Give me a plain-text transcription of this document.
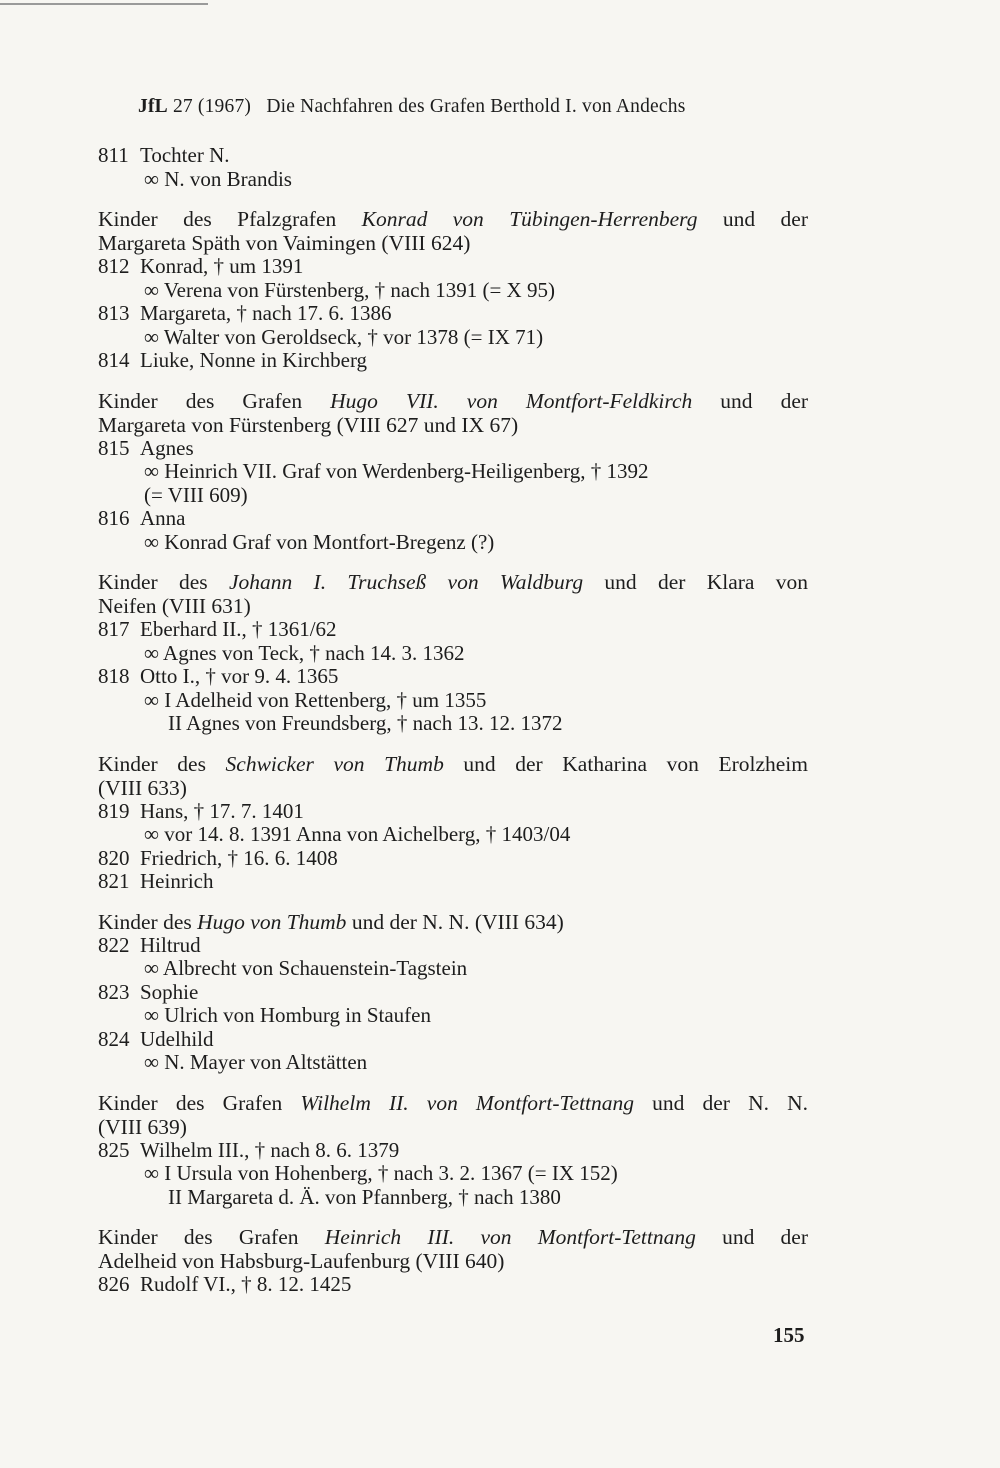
JfL 27 (1967) Die Nachfahren des Grafen Berthold I. von Andechs
811 Tochter N.
∞ N. von Brandis
Kinder des Pfalzgrafen Konrad von Tübingen-Herrenberg und der
Margareta Späth von Vaimingen (VIII 624)
812 Konrad, † um 1391
∞ Verena von Fürstenberg, † nach 1391 (= X 95)
813 Margareta, † nach 17. 6. 1386
∞ Walter von Geroldseck, † vor 1378 (= IX 71)
814 Liuke, Nonne in Kirchberg
Kinder des Grafen Hugo VII. von Montfort-Feldkirch und der
Margareta von Fürstenberg (VIII 627 und IX 67)
815 Agnes
∞ Heinrich VII. Graf von Werdenberg-Heiligenberg, † 1392
(= VIII 609)
816 Anna
∞ Konrad Graf von Montfort-Bregenz (?)
Kinder des Johann I. Truchseß von Waldburg und der Klara von
Neifen (VIII 631)
817 Eberhard II., † 1361/62
∞ Agnes von Teck, † nach 14. 3. 1362
818 Otto I., † vor 9. 4. 1365
∞ I Adelheid von Rettenberg, † um 1355
II Agnes von Freundsberg, † nach 13. 12. 1372
Kinder des Schwicker von Thumb und der Katharina von Erolzheim
(VIII 633)
819 Hans, † 17. 7. 1401
∞ vor 14. 8. 1391 Anna von Aichelberg, † 1403/04
820 Friedrich, † 16. 6. 1408
821 Heinrich
Kinder des Hugo von Thumb und der N. N. (VIII 634)
822 Hiltrud
∞ Albrecht von Schauenstein-Tagstein
823 Sophie
∞ Ulrich von Homburg in Staufen
824 Udelhild
∞ N. Mayer von Altstätten
Kinder des Grafen Wilhelm II. von Montfort-Tettnang und der N. N.
(VIII 639)
825 Wilhelm III., † nach 8. 6. 1379
∞ I Ursula von Hohenberg, † nach 3. 2. 1367 (= IX 152)
II Margareta d. Ä. von Pfannberg, † nach 1380
Kinder des Grafen Heinrich III. von Montfort-Tettnang und der
Adelheid von Habsburg-Laufenburg (VIII 640)
826 Rudolf VI., † 8. 12. 1425
155
